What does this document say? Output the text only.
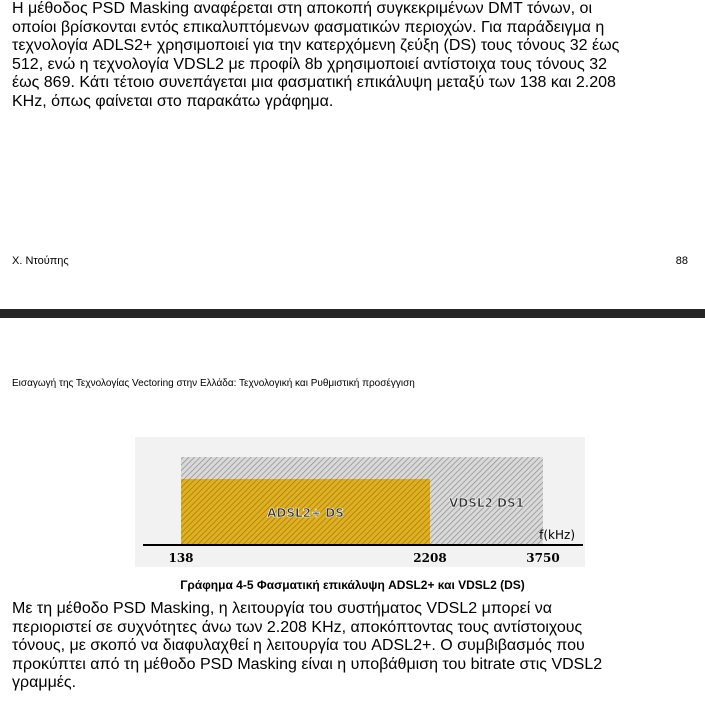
Η μέθοδος PSD Masking αναφέρεται στη αποκοπή συγκεκριμένων DMT τόνων, οι
οποίοι βρίσκονται εντός επικαλυπτόμενων φασματικών περιοχών. Για παράδειγμα η
τεχνολογία ADLS2+ χρησιμοποιεί για την κατερχόμενη ζεύξη (DS) τους τόνους 32 έως
512, ενώ η τεχνολογία VDSL2 με προφίλ 8b χρησιμοποιεί αντίστοιχα τους τόνους 32
έως 869. Κάτι τέτοιο συνεπάγεται μια φασματική επικάλυψη μεταξύ των 138 και 2.208
KHz, όπως φαίνεται στο παρακάτω γράφημα.
Χ. Ντούπης	88
Εισαγωγή της Τεχνολογίας Vectoring στην Ελλάδα: Τεχνολογική και Ρυθμιστική προσέγγιση
VDSL2 DS1
ADSL2+ DS
f(kHz)
138	2208	3750
Γράφημα 4-5 Φασματική επικάλυψη ADSL2+ και VDSL2 (DS)
Με τη μέθοδο PSD Masking, η λειτουργία του συστήματος VDSL2 μπορεί να
περιοριστεί σε συχνότητες άνω των 2.208 KHz, αποκόπτοντας τους αντίστοιχους
τόνους, με σκοπό να διαφυλαχθεί η λειτουργία του ADSL2+. Ο συμβιβασμός που
προκύπτει από τη μέθοδο PSD Masking είναι η υποβάθμιση του bitrate στις VDSL2
γραμμές.
